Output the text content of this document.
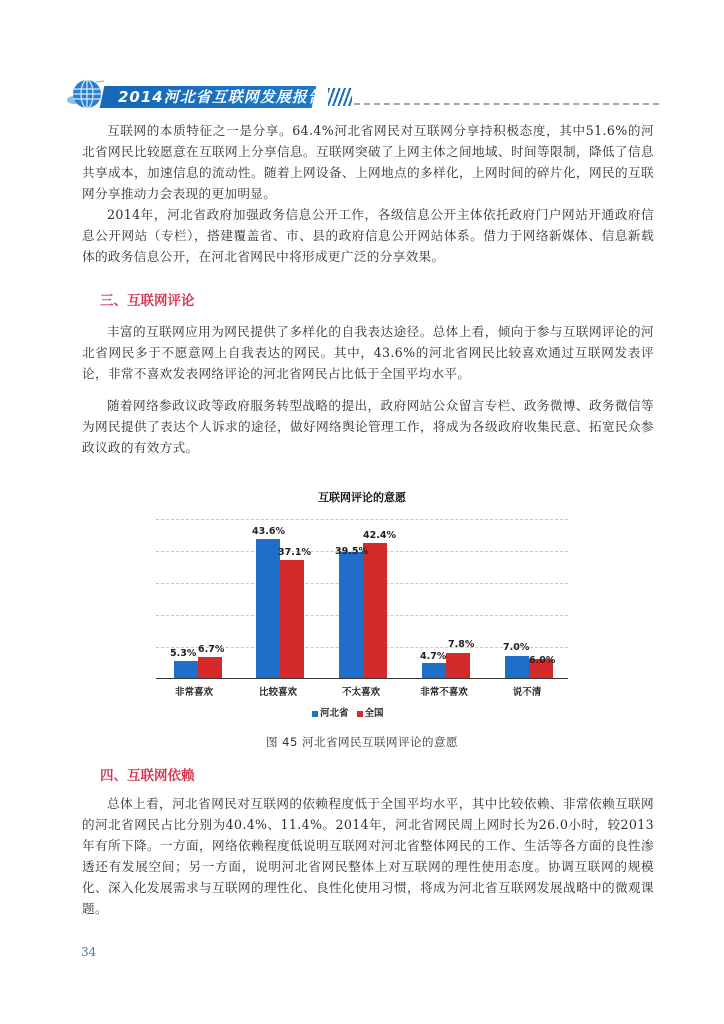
2014河北省互联网发展报告

互联网的本质特征之一是分享。64.4%河北省网民对互联网分享持积极态度，其中51.6%的河北省网民比较愿意在互联网上分享信息。互联网突破了上网主体之间地域、时间等限制，降低了信息共享成本，加速信息的流动性。随着上网设备、上网地点的多样化，上网时间的碎片化，网民的互联网分享推动力会表现的更加明显。

2014年，河北省政府加强政务信息公开工作，各级信息公开主体依托政府门户网站开通政府信息公开网站（专栏），搭建覆盖省、市、县的政府信息公开网站体系。借力于网络新媒体、信息新载体的政务信息公开，在河北省网民中将形成更广泛的分享效果。

三、互联网评论

丰富的互联网应用为网民提供了多样化的自我表达途径。总体上看，倾向于参与互联网评论的河北省网民多于不愿意网上自我表达的网民。其中，43.6%的河北省网民比较喜欢通过互联网发表评论，非常不喜欢发表网络评论的河北省网民占比低于全国平均水平。

随着网络参政议政等政府服务转型战略的提出，政府网站公众留言专栏、政务微博、政务微信等为网民提供了表达个人诉求的途径，做好网络舆论管理工作，将成为各级政府收集民意、拓宽民众参政议政的有效方式。

互联网评论的意愿
5.3% 6.7%
43.6%
37.1%	39.5%
42.4%
4.7%
7.8%	7.0%
6.0%
非常喜欢	比较喜欢	不太喜欢	非常不喜欢	说不清
河北省	全国
图 45 河北省网民互联网评论的意愿
四、互联网依赖

总体上看，河北省网民对互联网的依赖程度低于全国平均水平，其中比较依赖、非常依赖互联网的河北省网民占比分别为40.4%、11.4%。2014年，河北省网民周上网时长为26.0小时，较2013年有所下降。一方面，网络依赖程度低说明互联网对河北省整体网民的工作、生活等各方面的良性渗透还有发展空间；另一方面，说明河北省网民整体上对互联网的理性使用态度。协调互联网的规模化、深入化发展需求与互联网的理性化、良性化使用习惯，将成为河北省互联网发展战略中的微观课题。

34
